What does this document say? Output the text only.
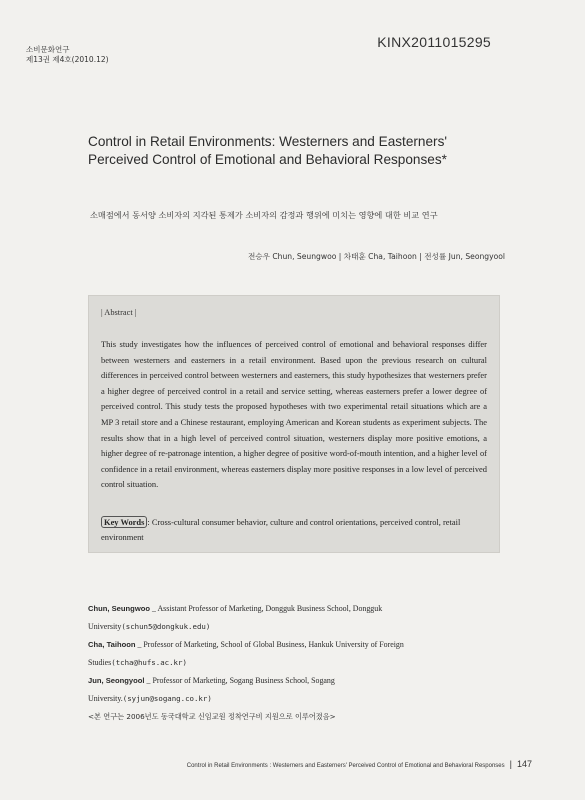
소비문화연구
제13권 제4호(2010.12)
KINX2011015295
Control in Retail Environments: Westerners and Easterners'
Perceived Control of Emotional and Behavioral Responses*
소매점에서 동서양 소비자의 지각된 통제가 소비자의 감정과 행위에 미치는 영향에 대한 비교 연구
전승우 Chun, Seungwoo | 차태훈 Cha, Taihoon | 전성률 Jun, Seongyool
| Abstract |
This study investigates how the influences of perceived control of emotional and behavioral responses differ between westerners and easterners in a retail environment. Based upon the previous research on cultural differences in perceived control between westerners and easterners, this study hypothesizes that westerners prefer a higher degree of perceived control in a retail and service setting, whereas easterners prefer a lower degree of perceived control. This study tests the proposed hypotheses with two experimental retail situations which are a MP 3 retail store and a Chinese restaurant, employing American and Korean students as experiment subjects. The results show that in a high level of perceived control situation, westerners display more positive emotions, a higher degree of re-patronage intention, a higher degree of positive word-of-mouth intention, and a higher level of confidence in a retail environment, whereas easterners display more positive responses in a low level of perceived control situation.
Key Words : Cross-cultural consumer behavior, culture and control orientations, perceived control, retail environment
Chun, Seungwoo _ Assistant Professor of Marketing, Dongguk Business School, Dongguk
University(schun5@dongkuk.edu)
Cha, Taihoon _ Professor of Marketing, School of Global Business, Hankuk University of Foreign
Studies(tcha@hufs.ac.kr)
Jun, Seongyool _ Professor of Marketing, Sogang Business School, Sogang
University.(syjun@sogang.co.kr)
<본 연구는 2006년도 동국대학교 신임교원 정착연구비 지원으로 이루어졌음>
Control in Retail Environments : Westerners and Easterners' Perceived Control of Emotional and Behavioral Responses | 147
